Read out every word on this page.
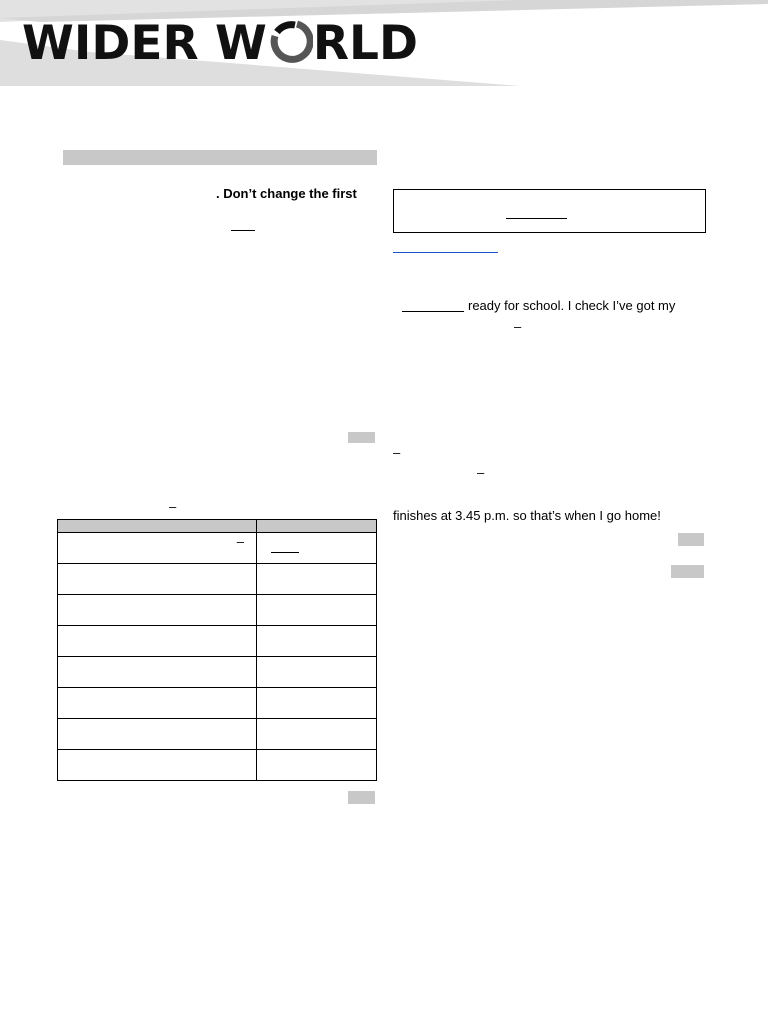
WIDER W RLD
. Don’t change the first
–

–	

ready for school. I check I’ve got my
–
–
–
finishes at 3.45 p.m. so that’s when I go home!
